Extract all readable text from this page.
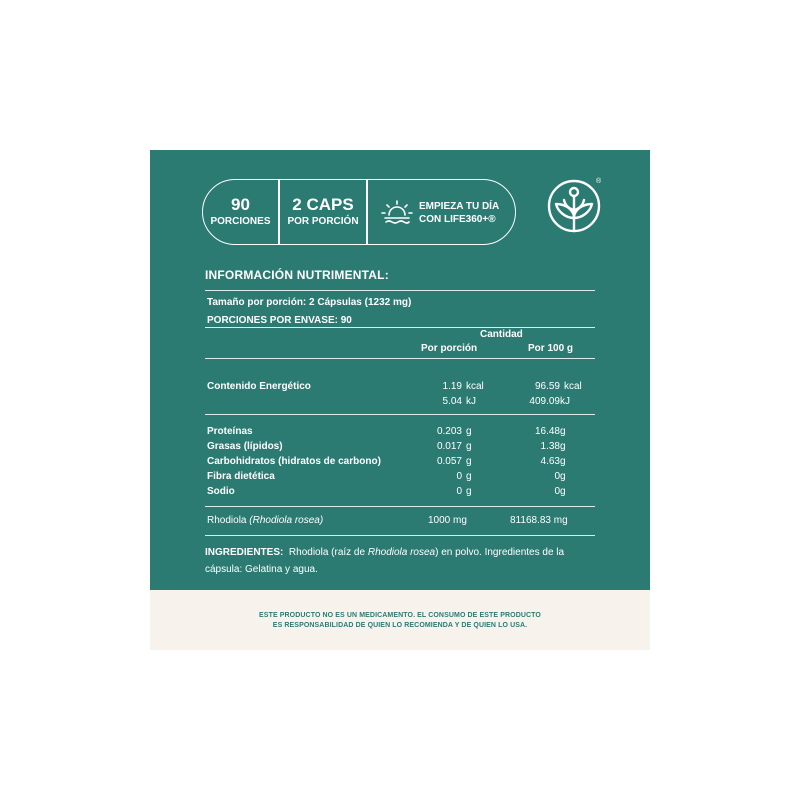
90
PORCIONES
2 CAPS
POR PORCIÓN
EMPIEZA TU DÍA
CON LIFE360+®
®
INFORMACIÓN NUTRIMENTAL:
Tamaño por porción: 2 Cápsulas (1232 mg)
PORCIONES POR ENVASE: 90
Cantidad
Por porción	Por 100 g
Contenido Energético	1.19 kcal	96.59 kcal
5.04 kJ	409.09 kJ
Proteínas	0.203 g	16.48 g
Grasas (lípidos)	0.017 g	1.38 g
Carbohidratos (hidratos de carbono)	0.057 g	4.63 g
Fibra dietética	0 g	0 g
Sodio	0 g	0 g
Rhodiola (Rhodiola rosea)	1000 mg	81168.83 mg
INGREDIENTES: Rhodiola (raíz de Rhodiola rosea) en polvo. Ingredientes de la cápsula: Gelatina y agua.
ESTE PRODUCTO NO ES UN MEDICAMENTO. EL CONSUMO DE ESTE PRODUCTO
ES RESPONSABILIDAD DE QUIEN LO RECOMIENDA Y DE QUIEN LO USA.
